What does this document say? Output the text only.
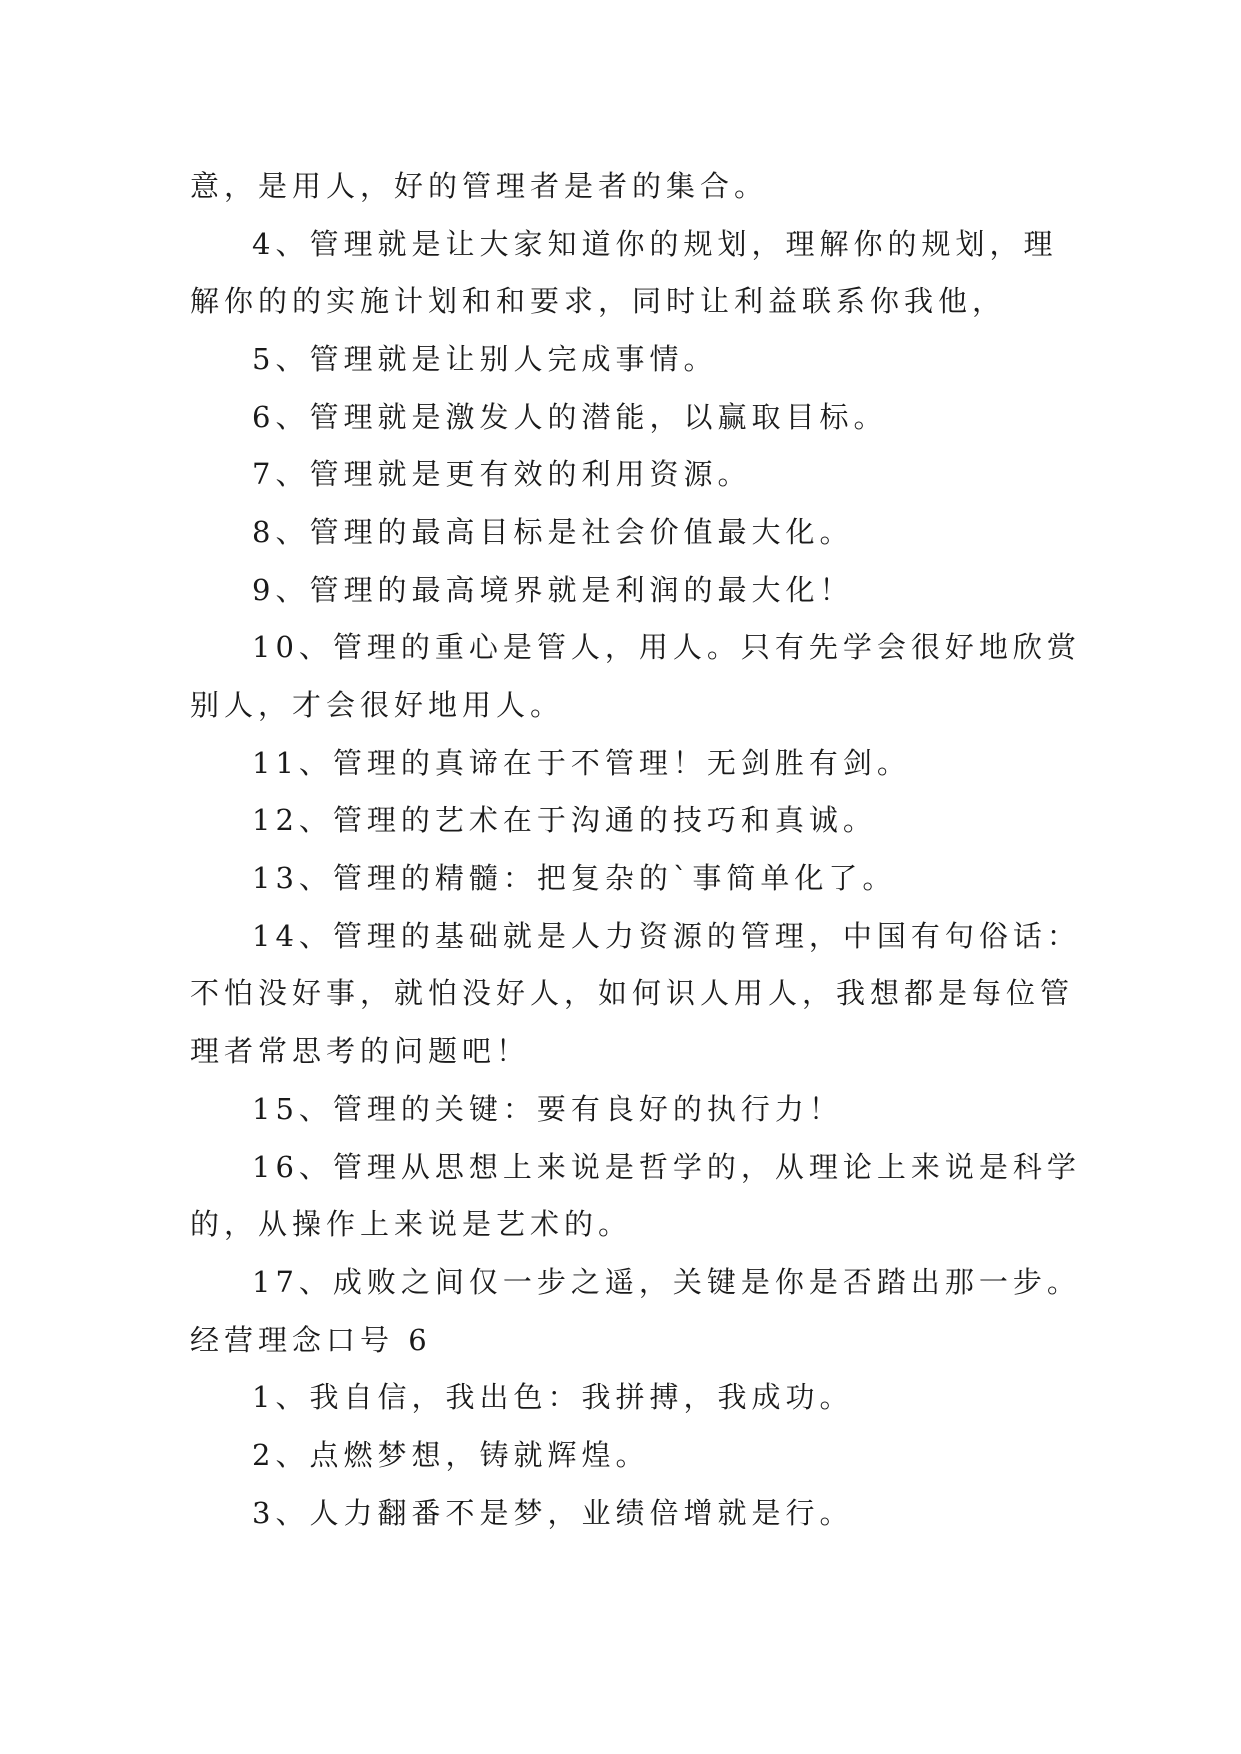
意，是用人，好的管理者是者的集合。
4、管理就是让大家知道你的规划，理解你的规划，理
解你的的实施计划和和要求，同时让利益联系你我他，
5、管理就是让别人完成事情。
6、管理就是激发人的潜能，以赢取目标。
7、管理就是更有效的利用资源。
8、管理的最高目标是社会价值最大化。
9、管理的最高境界就是利润的最大化！
10、管理的重心是管人，用人。只有先学会很好地欣赏
别人，才会很好地用人。
11、管理的真谛在于不管理！无剑胜有剑。
12、管理的艺术在于沟通的技巧和真诚。
13、管理的精髓：把复杂的`事简单化了。
14、管理的基础就是人力资源的管理，中国有句俗话：
不怕没好事，就怕没好人，如何识人用人，我想都是每位管
理者常思考的问题吧！
15、管理的关键：要有良好的执行力！
16、管理从思想上来说是哲学的，从理论上来说是科学
的，从操作上来说是艺术的。
17、成败之间仅一步之遥，关键是你是否踏出那一步。
经营理念口号 6
1、我自信，我出色：我拼搏，我成功。
2、点燃梦想，铸就辉煌。
3、人力翻番不是梦，业绩倍增就是行。
